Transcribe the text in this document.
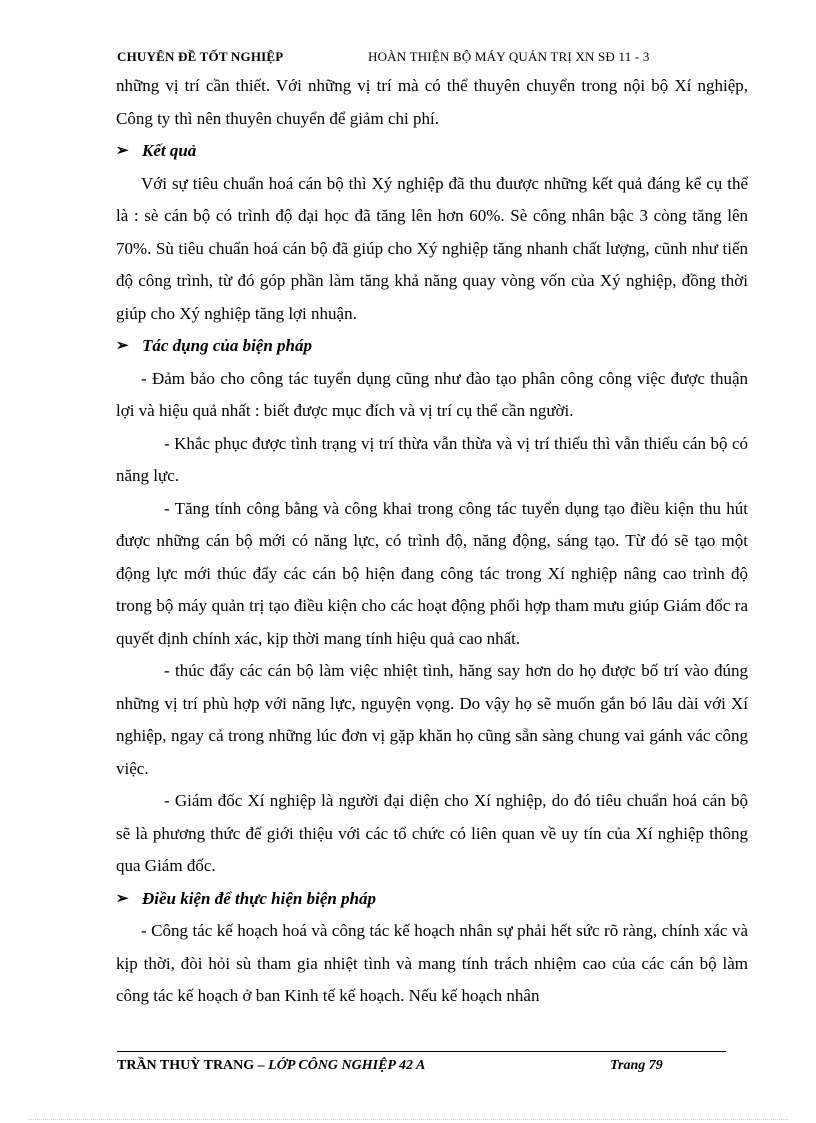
CHUYÊN ĐỀ TỐT NGHIỆP	HOÀN THIỆN BỘ MÁY QUẢN TRỊ XN SĐ 11 - 3

những vị trí cần thiết. Với những vị trí mà có thể thuyên chuyển trong nội bộ Xí nghiệp, Công ty thì nên thuyên chuyển để giảm chi phí.

➢ Kết quả

Với sự tiêu chuẩn hoá cán bộ thì Xý nghiệp đã thu đuược những kết quả đáng kể cụ thể là : sè cán bộ có trình độ đại học đã tăng lên hơn 60%. Sè công nhân bậc 3 còng tăng lên 70%. Sù tiêu chuẩn hoá cán bộ đã giúp cho Xý nghiệp tăng nhanh chất lượng, cũnh như tiến độ công trình, từ đó góp phần làm tăng khả năng quay vòng vốn của Xý nghiệp, đồng thời giúp cho Xý nghiệp tăng lợi nhuận.

➢ Tác dụng của biện pháp

- Đảm bảo cho công tác tuyển dụng cũng như đào tạo phân công công việc được thuận lợi và hiệu quả nhất : biết được mục đích và vị trí cụ thể cần người.

- Khắc phục được tình trạng vị trí thừa vẫn thừa và vị trí thiếu thì vẫn thiếu cán bộ có năng lực.

- Tăng tính công bằng và công khai trong công tác tuyển dụng tạo điều kiện thu hút được những cán bộ mới có năng lực, có trình độ, năng động, sáng tạo. Từ đó sẽ tạo một động lực mới thúc đẩy các cán bộ hiện đang công tác trong Xí nghiệp nâng cao trình độ trong bộ máy quản trị tạo điều kiện cho các hoạt động phối hợp tham mưu giúp Giám đốc ra quyết định chính xác, kịp thời mang tính hiệu quả cao nhất.

- thúc đẩy các cán bộ làm việc nhiệt tình, hăng say hơn do họ được bố trí vào đúng những vị trí phù hợp với năng lực, nguyện vọng. Do vậy họ sẽ muốn gắn bó lâu dài với Xí nghiệp, ngay cả trong những lúc đơn vị gặp khăn họ cũng sẵn sàng chung vai gánh vác công việc.

- Giám đốc Xí nghiệp là người đại diện cho Xí nghiệp, do đó tiêu chuẩn hoá cán bộ sẽ là phương thức để giới thiệu với các tổ chức có liên quan về uy tín của Xí nghiệp thông qua Giám đốc.

➢ Điều kiện để thực hiện biện pháp

- Công tác kế hoạch hoá và công tác kế hoạch nhân sự phải hết sức rõ ràng, chính xác và kịp thời, đòi hỏi sù tham gia nhiệt tình và mang tính trách nhiệm cao của các cán bộ làm công tác kế hoạch ở ban Kinh tế kế hoạch. Nếu kế hoạch nhân

TRẦN THUỲ TRANG – LỚP CÔNG NGHIỆP 42 A	Trang 79
